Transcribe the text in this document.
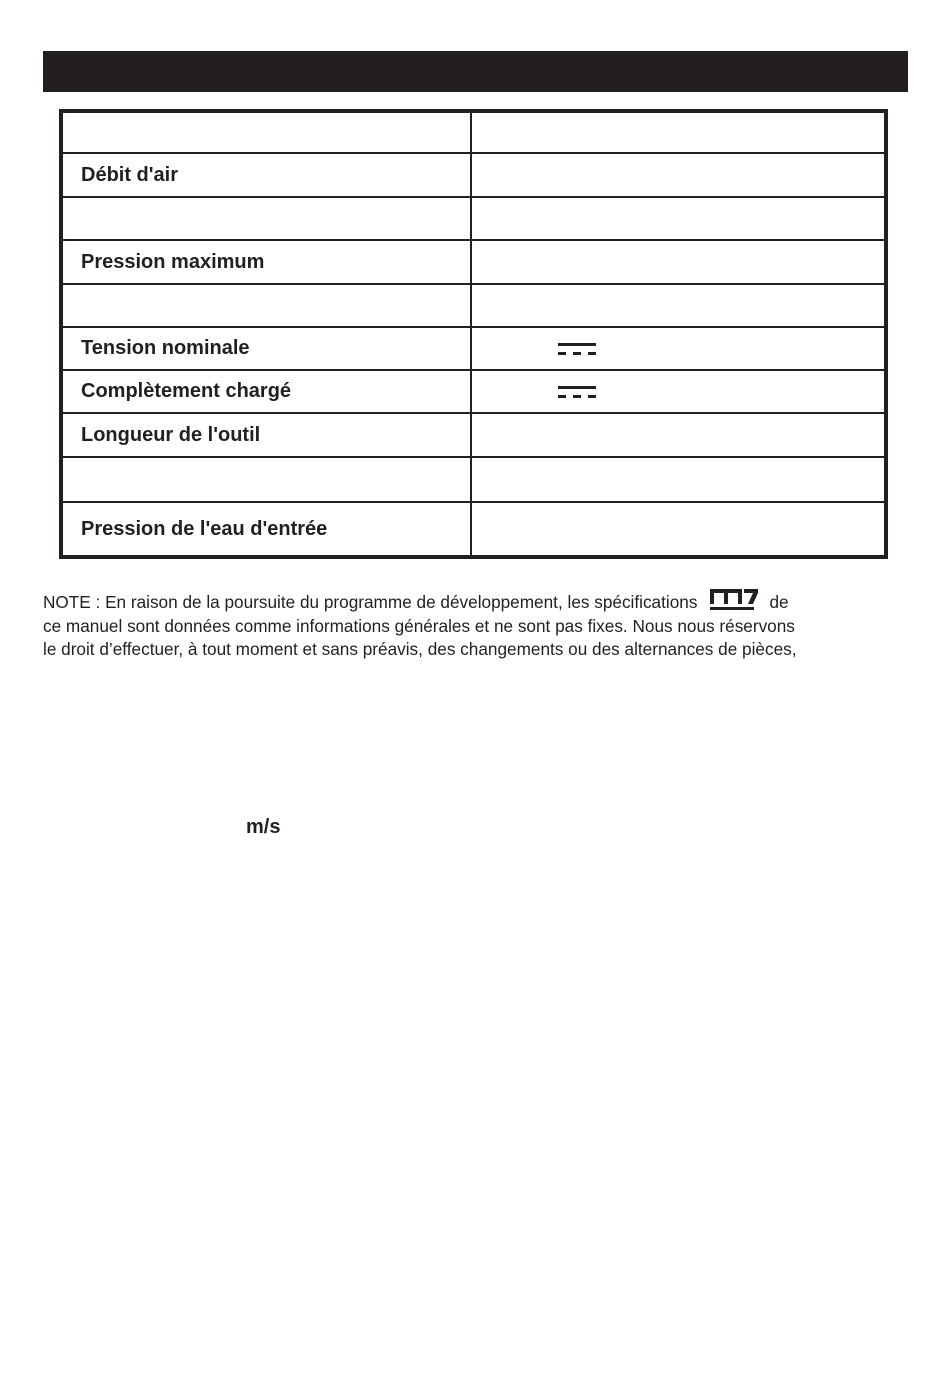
Débit d'air	

Pression maximum	

Tension nominale	
Complètement chargé	
Longueur de l'outil	

Pression de l'eau d'entrée	

NOTE : En raison de la poursuite du programme de développement, les spécifications	de
ce manuel sont données comme informations générales et ne sont pas fixes. Nous nous réservons
le droit d’effectuer, à tout moment et sans préavis, des changements ou des alternances de pièces,

m/s
